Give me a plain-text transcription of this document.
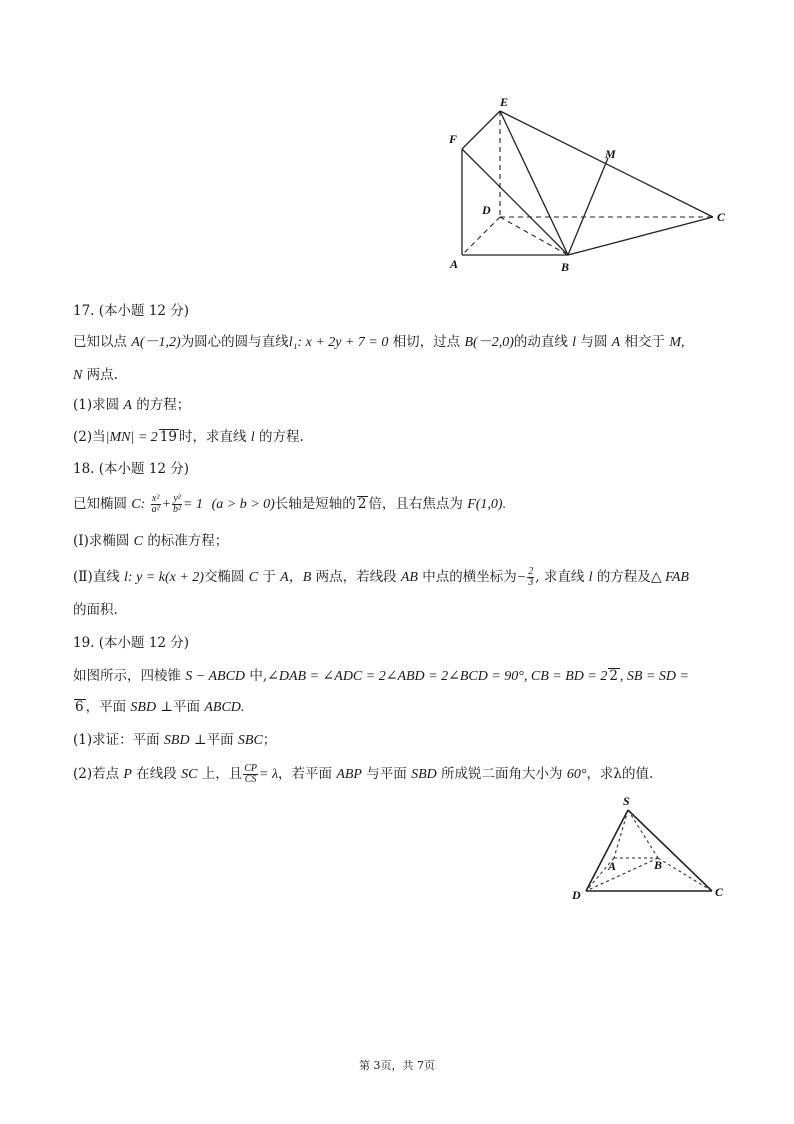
E
F
M
D	C
A	B
17. (本小题 12 分)
已知以点 A(－1,2)为圆心的圆与直线l₁: x + 2y + 7 = 0 相切，过点 B(－2,0)的动直线 l 与圆 A 相交于 M,
N 两点.
(1)求圆 A 的方程；
(2)当|MN| = 2 19 时，求直线 l 的方程.
18. (本小题 12 分)
已知椭圆 C: $\frac{\text{x²}}{\text{a²}} + \frac{\text{y²}}{\text{b²}} = 1$ (a > b > 0)长轴是短轴的 2 倍，且右焦点为 F(1,0).
(Ⅰ)求椭圆 C 的标准方程；
(Ⅱ)直线 l: y = k(x + 2)交椭圆 C 于 A，B 两点，若线段 AB 中点的横坐标为− $\frac{2}{3}$ , 求直线 l 的方程及△ FAB
的面积.
19. (本小题 12 分)
如图所示，四棱锥 S − ABCD 中,∠DAB = ∠ADC = 2∠ABD = 2∠BCD = 90°, CB = BD = 2 2 , SB = SD =
6 ，平面 SBD ⊥平面 ABCD.
(1)求证：平面 SBD ⊥平面 SBC；
(2)若点 P 在线段 SC 上，且 $\frac{CP}{CS} = \lambda$，若平面 ABP 与平面 SBD 所成锐二面角大小为 60°，求λ的值.
S
A	B
D	C
第 3页，共 7页
